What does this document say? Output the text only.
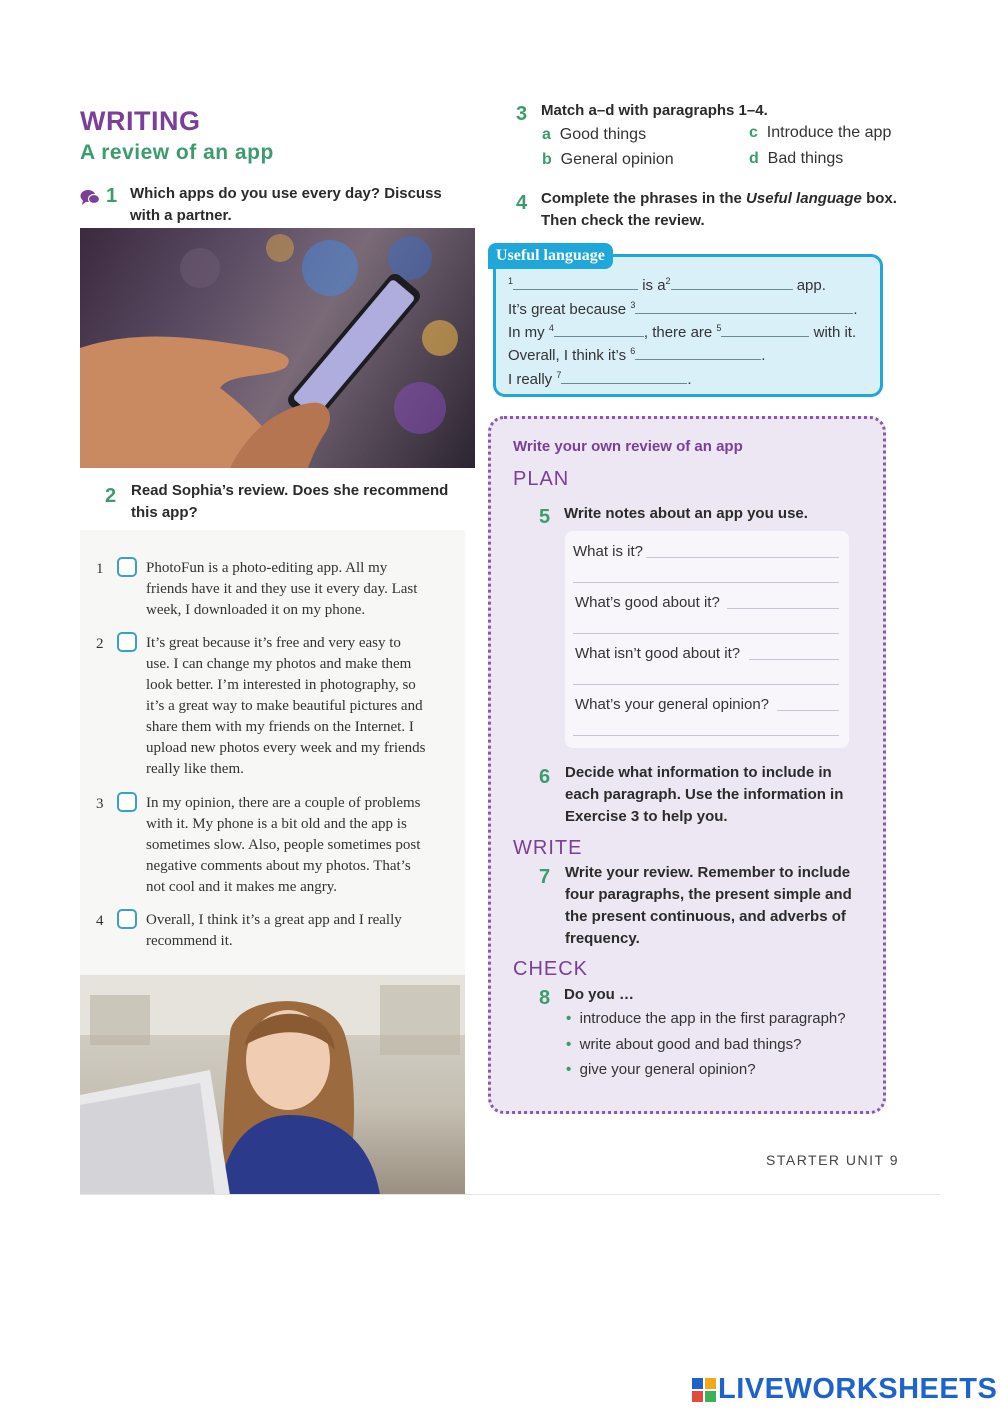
WRITING
A review of an app
1 Which apps do you use every day? Discuss with a partner.
2 Read Sophia’s review. Does she recommend this app?
1	PhotoFun is a photo-editing app. All my
friends have it and they use it every day. Last
week, I downloaded it on my phone.
2	It’s great because it’s free and very easy to
use. I can change my photos and make them
look better. I’m interested in photography, so
it’s a great way to make beautiful pictures and
share them with my friends on the Internet. I
upload new photos every week and my friends
really like them.
3	In my opinion, there are a couple of problems
with it. My phone is a bit old and the app is
sometimes slow. Also, people sometimes post
negative comments about my photos. That’s
not cool and it makes me angry.
4	Overall, I think it’s a great app and I really
recommend it.
3 Match a–d with paragraphs 1–4.
a Good things
b General opinion
c Introduce the app
d Bad things
4 Complete the phrases in the Useful language box.
Then check the review.
Useful language
$^1$	is $a^2$	app.
It’s great because $^3$	.
In my $^4$	, there are $^5$	with it.
Overall, I think it’s $^6$	.
I really $^7$	.
Write your own review of an app
PLAN
5 Write notes about an app you use.
What is it?
What’s good about it?
What isn’t good about it?
What’s your general opinion?
6 Decide what information to include in
each paragraph. Use the information in
Exercise 3 to help you.
WRITE
7 Write your review. Remember to include
four paragraphs, the present simple and
the present continuous, and adverbs of
frequency.
CHECK
8 Do you …
• introduce the app in the first paragraph?
• write about good and bad things?
• give your general opinion?
STARTER UNIT 9
LIVEWORKSHEETS
